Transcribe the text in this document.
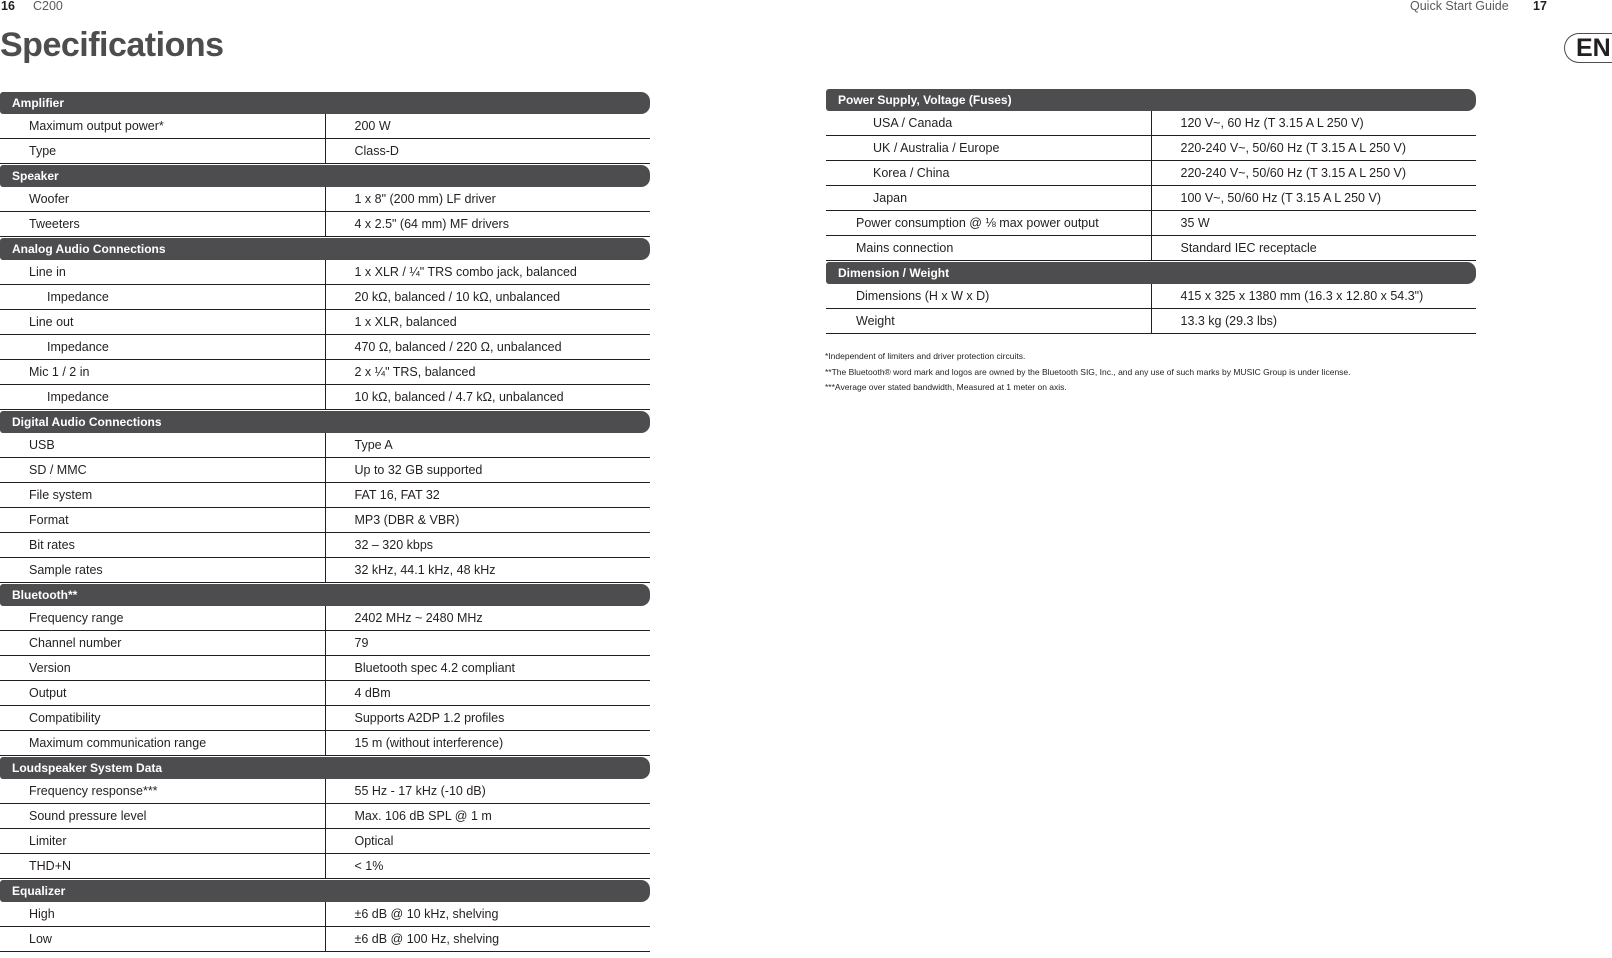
16 C200	Quick Start Guide 17
Specifications	EN
Amplifier	

Maximum output power*	200 W
Type	Class-D

Speaker	

Woofer	1 x 8" (200 mm) LF driver
Tweeters	4 x 2.5" (64 mm) MF drivers

Analog Audio Connections	

Line in	1 x XLR / ¼" TRS combo jack, balanced
Impedance	20 kΩ, balanced / 10 kΩ, unbalanced
Line out	1 x XLR, balanced
Impedance	470 Ω, balanced / 220 Ω, unbalanced
Mic 1 / 2 in	2 x ¼" TRS, balanced
Impedance	10 kΩ, balanced / 4.7 kΩ, unbalanced

Digital Audio Connections	

USB	Type A
SD / MMC	Up to 32 GB supported
File system	FAT 16, FAT 32
Format	MP3 (DBR & VBR)
Bit rates	32 – 320 kbps
Sample rates	32 kHz, 44.1 kHz, 48 kHz

Bluetooth**	

Frequency range	2402 MHz ~ 2480 MHz
Channel number	79
Version	Bluetooth spec 4.2 compliant
Output	4 dBm
Compatibility	Supports A2DP 1.2 profiles
Maximum communication range	15 m (without interference)

Loudspeaker System Data	

Frequency response***	55 Hz - 17 kHz (-10 dB)
Sound pressure level	Max. 106 dB SPL @ 1 m
Limiter	Optical
THD+N	< 1%

Equalizer	

High	±6 dB @ 10 kHz, shelving
Low	±6 dB @ 100 Hz, shelving
Power Supply, Voltage (Fuses)	

USA / Canada	120 V~, 60 Hz (T 3.15 A L 250 V)
UK / Australia / Europe	220-240 V~, 50/60 Hz (T 3.15 A L 250 V)
Korea / China	220-240 V~, 50/60 Hz (T 3.15 A L 250 V)
Japan	100 V~, 50/60 Hz (T 3.15 A L 250 V)
Power consumption @ ⅛ max power output	35 W
Mains connection	Standard IEC receptacle

Dimension / Weight	

Dimensions (H x W x D)	415 x 325 x 1380 mm (16.3 x 12.80 x 54.3")
Weight	13.3 kg (29.3 lbs)
*Independent of limiters and driver protection circuits.
**The Bluetooth® word mark and logos are owned by the Bluetooth SIG, Inc., and any use of such marks by MUSIC Group is under license.
***Average over stated bandwidth, Measured at 1 meter on axis.
